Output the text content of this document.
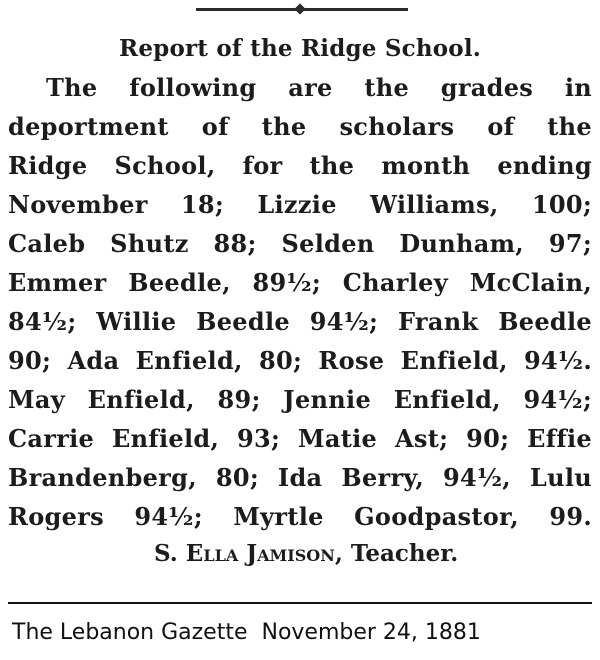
Report of the Ridge School.

The following are the grades in
deportment of the scholars of the
Ridge School, for the month ending
November 18; Lizzie Williams, 100;
Caleb Shutz 88; Selden Dunham, 97;
Emmer Beedle, 89½; Charley McClain,
84½; Willie Beedle 94½; Frank Beedle
90; Ada Enfield, 80; Rose Enfield, 94½.
May Enfield, 89; Jennie Enfield, 94½;
Carrie Enfield, 93; Matie Ast; 90; Effie
Brandenberg, 80; Ida Berry, 94½, Lulu
Rogers 94½; Myrtle Goodpastor, 99.

S. Ella Jamison, Teacher.

The Lebanon Gazette  November 24, 1881
